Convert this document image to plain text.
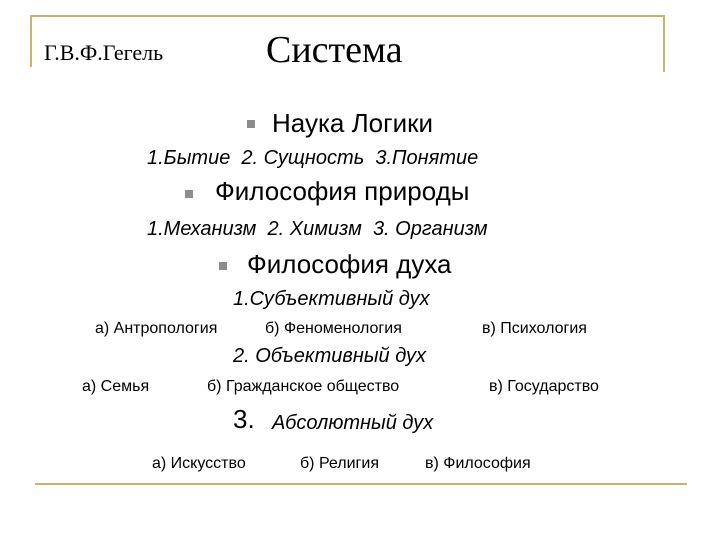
Г.В.Ф.Гегель	Система
Наука Логики
1.Бытие  2. Сущность  3.Понятие
Философия природы
1.Механизм  2. Химизм  3. Организм
Философия духа
1.Субъективный дух
а) Антропология	б) Феноменология	в) Психология
2. Объективный дух
а) Семья	б) Гражданское общество	в) Государство
3. Абсолютный дух
а) Искусство	б) Религия	в) Философия
